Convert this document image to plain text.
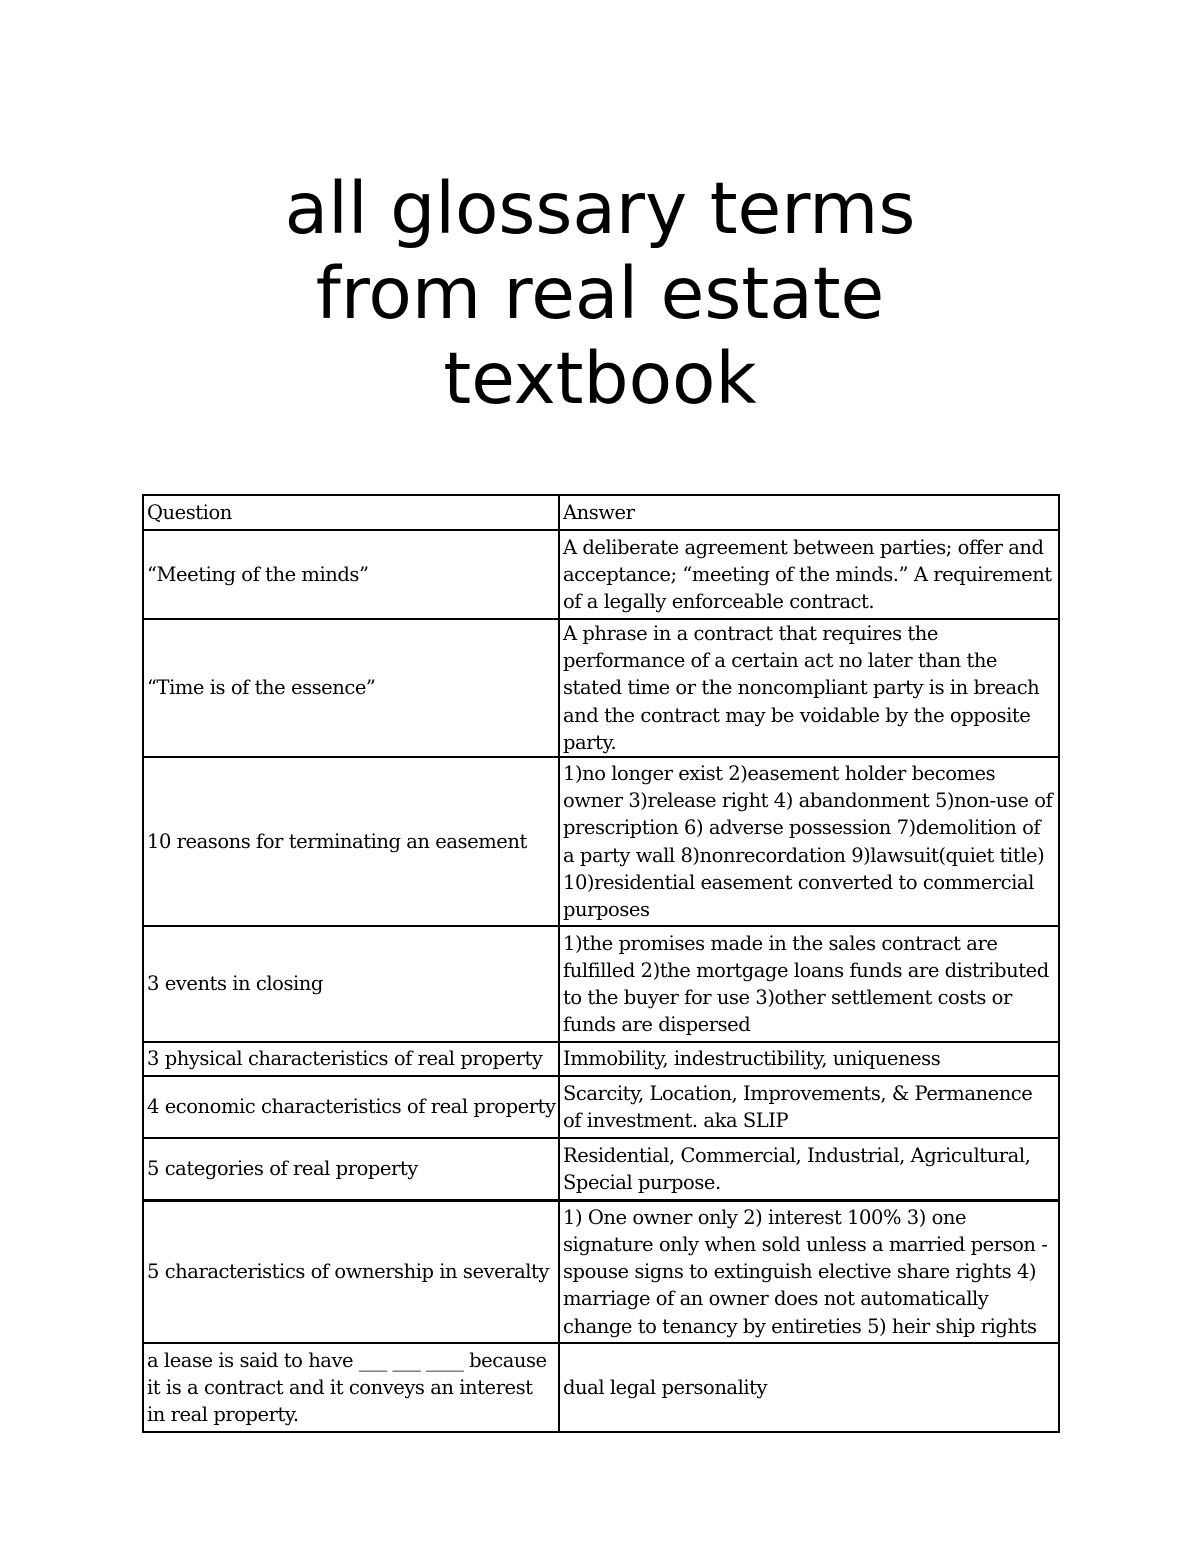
all glossary terms
from real estate
textbook
Question	Answer
“Meeting of the minds”	A deliberate agreement between parties; offer and acceptance; “meeting of the minds.” A requirement of a legally enforceable contract.
“Time is of the essence”	A phrase in a contract that requires the performance of a certain act no later than the stated time or the noncompliant party is in breach and the contract may be voidable by the opposite party.
10 reasons for terminating an easement	1)no longer exist 2)easement holder becomes owner 3)release right 4) abandonment 5)non-use of prescription 6) adverse possession 7)demolition of a party wall 8)nonrecordation 9)lawsuit(quiet title) 10)residential easement converted to commercial purposes
3 events in closing	1)the promises made in the sales contract are fulfilled 2)the mortgage loans funds are distributed to the buyer for use 3)other settlement costs or funds are dispersed
3 physical characteristics of real property	Immobility, indestructibility, uniqueness
4 economic characteristics of real property	Scarcity, Location, Improvements, & Permanence of investment. aka SLIP
5 categories of real property	Residential, Commercial, Industrial, Agricultural, Special purpose.
5 characteristics of ownership in severalty	1) One owner only 2) interest 100% 3) one signature only when sold unless a married person - spouse signs to extinguish elective share rights 4) marriage of an owner does not automatically change to tenancy by entireties 5) heir ship rights
a lease is said to have ___ ___ ____ because it is a contract and it conveys an interest in real property.	dual legal personality
